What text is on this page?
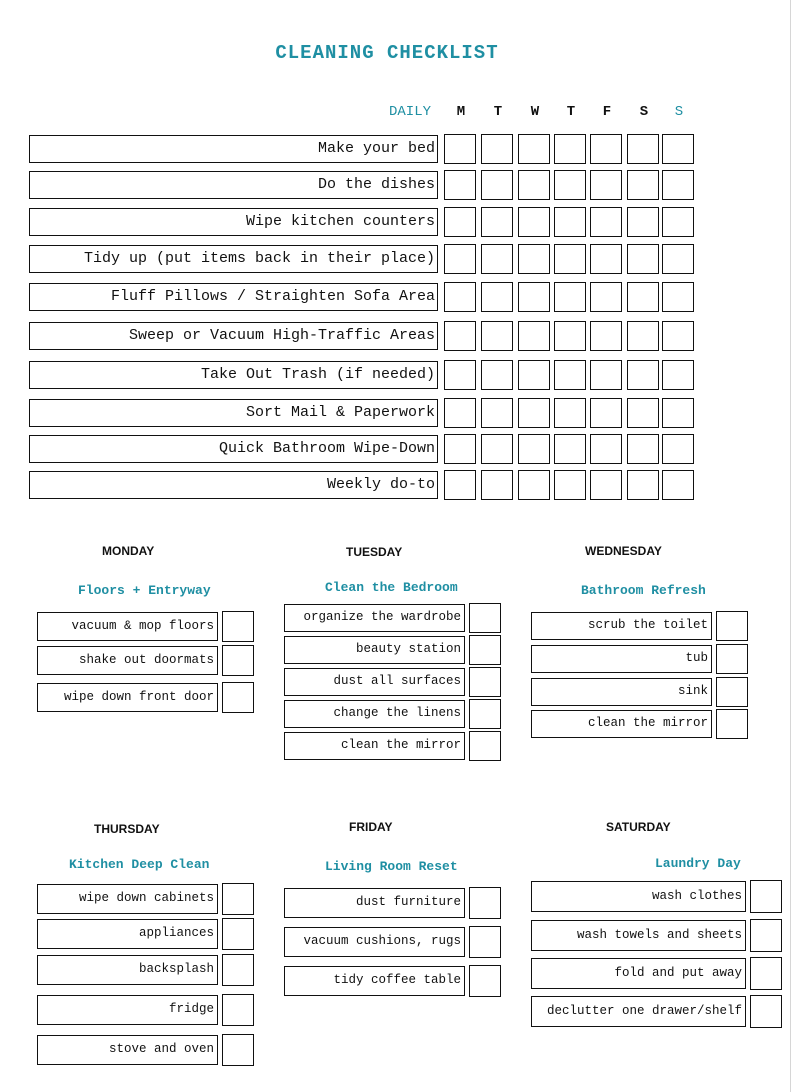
CLEANING CHECKLIST
DAILY M T W T F S S
Make your bed
Do the dishes
Wipe kitchen counters
Tidy up (put items back in their place)
Fluff Pillows / Straighten Sofa Area
Sweep or Vacuum High-Traffic Areas
Take Out Trash (if needed)
Sort Mail & Paperwork
Quick Bathroom Wipe-Down
Weekly do-to
MONDAY
Floors + Entryway
vacuum & mop floors
shake out doormats
wipe down front door
TUESDAY
Clean the Bedroom
organize the wardrobe
beauty station
dust all surfaces
change the linens
clean the mirror
WEDNESDAY
Bathroom Refresh
scrub the toilet
tub
sink
clean the mirror
THURSDAY
Kitchen Deep Clean
wipe down cabinets
appliances
backsplash
fridge
stove and oven
FRIDAY
Living Room Reset
dust furniture
vacuum cushions, rugs
tidy coffee table
SATURDAY
Laundry Day
wash clothes
wash towels and sheets
fold and put away
declutter one drawer/shelf
